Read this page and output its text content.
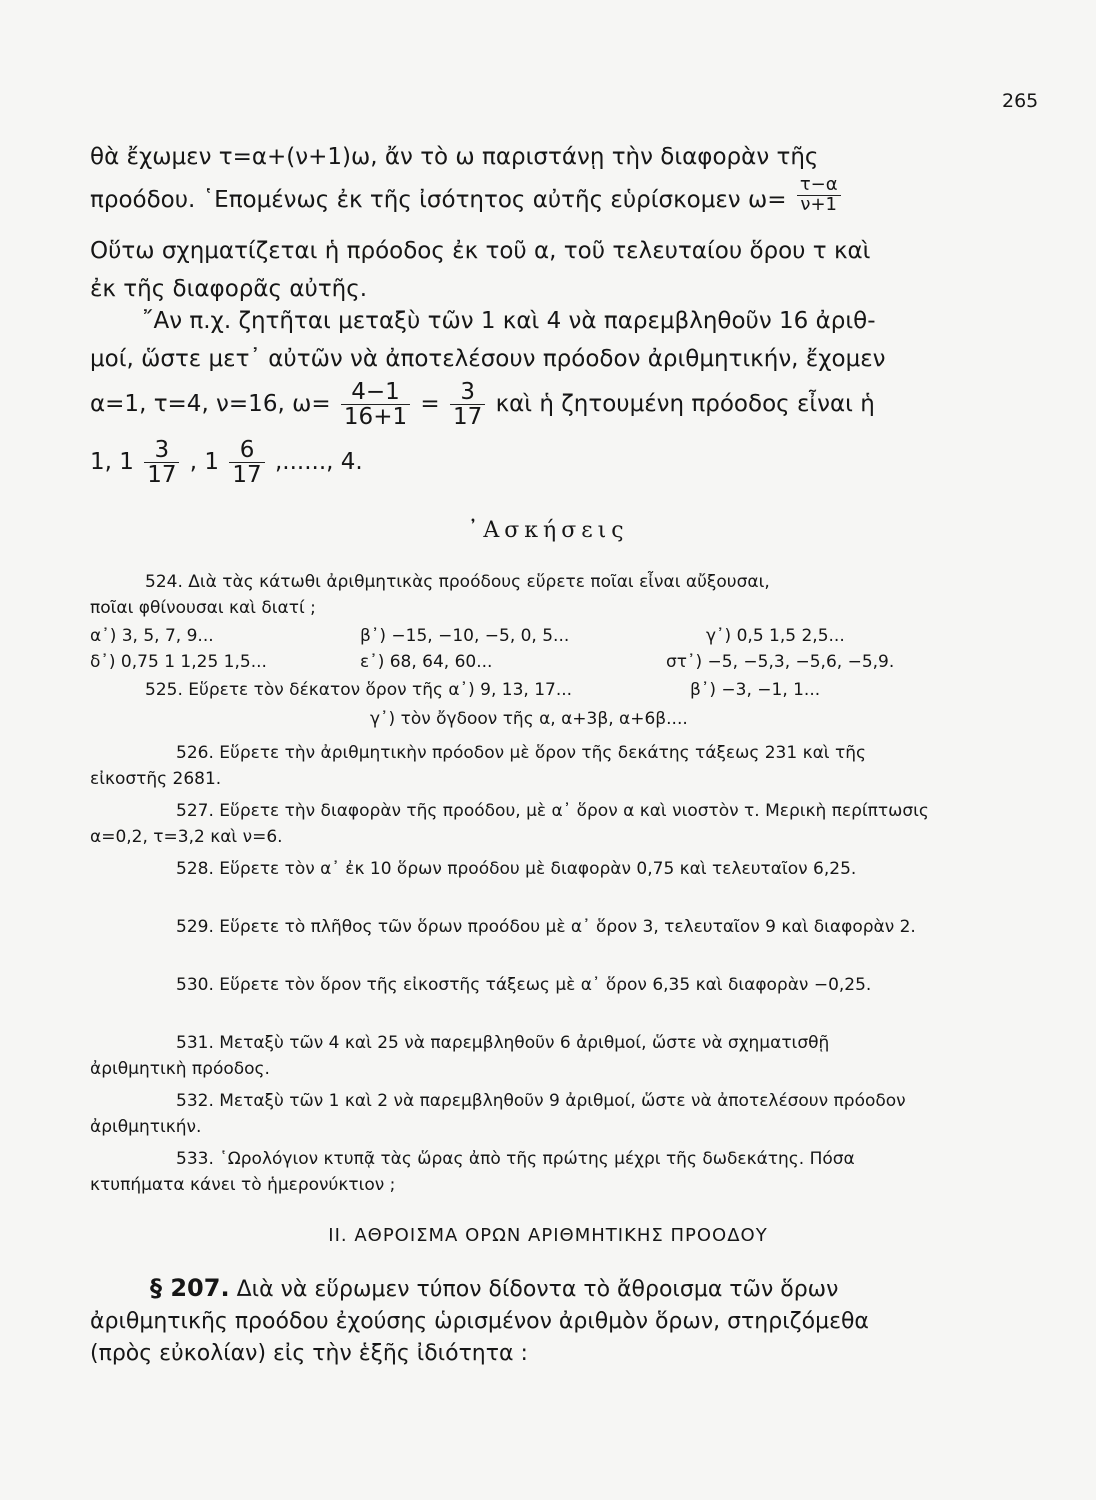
265
θὰ ἔχωμεν τ=α+(ν+1)ω, ἄν τὸ ω παριστάνῃ τὴν διαφορὰν τῆς
προόδου. ῾Επομένως ἐκ τῆς ἰσότητος αὐτῆς εὑρίσκομεν $\omega= \frac{\tau-\alpha}{\nu+1}$
Οὕτω σχηματίζεται ἡ πρόοδος ἐκ τοῦ α, τοῦ τελευταίου ὅρου τ καὶ
ἐκ τῆς διαφορᾶς αὐτῆς.
῎Αν π.χ. ζητῆται μεταξὺ τῶν 1 καὶ 4 νὰ παρεμβληθοῦν 16 ἀριθ-
μοί, ὥστε μετ᾽ αὐτῶν νὰ ἀποτελέσουν πρόοδον ἀριθμητικήν, ἔχομεν
α=1, τ=4, ν=16, $\omega= \frac{4-1}{16+1} = \frac{3}{17}$ καὶ ἡ ζητουμένη πρόοδος εἶναι ἡ
1, $1 \frac{3}{17}$ , $1 \frac{6}{17}$ ,......, 4.
᾽Ασκήσεις
524. Διὰ τὰς κάτωθι ἀριθμητικὰς προόδους εὕρετε ποῖαι εἶναι αὔξουσαι,
ποῖαι φθίνουσαι καὶ διατί ;
α᾽) 3, 5, 7, 9...	β᾽) −15, −10, −5, 0, 5...	γ᾽) 0,5 1,5 2,5...
δ᾽) 0,75 1 1,25 1,5...	ε᾽) 68, 64, 60...	στ᾽) −5, −5,3, −5,6, −5,9.
525. Εὕρετε τὸν δέκατον ὅρον τῆς α᾽) 9, 13, 17...	β᾽) −3, −1, 1...
γ᾽) τὸν ὄγδοον τῆς α, α+3β, α+6β....

526. Εὕρετε τὴν ἀριθμητικὴν πρόοδον μὲ ὅρον τῆς δεκάτης τάξεως 231 καὶ τῆς εἰκοστῆς 2681.

527. Εὕρετε τὴν διαφορὰν τῆς προόδου, μὲ α᾽ ὅρον α καὶ νιοστὸν τ. Μερικὴ περίπτωσις α=0,2, τ=3,2 καὶ ν=6.

528. Εὕρετε τὸν α᾽ ἐκ 10 ὅρων προόδου μὲ διαφορὰν 0,75 καὶ τελευταῖον 6,25.

529. Εὕρετε τὸ πλῆθος τῶν ὅρων προόδου μὲ α᾽ ὅρον 3, τελευταῖον 9 καὶ διαφορὰν 2.

530. Εὕρετε τὸν ὅρον τῆς εἰκοστῆς τάξεως μὲ α᾽ ὅρον 6,35 καὶ διαφορὰν −0,25.

531. Μεταξὺ τῶν 4 καὶ 25 νὰ παρεμβληθοῦν 6 ἀριθμοί, ὥστε νὰ σχηματισθῇ ἀριθμητικὴ πρόοδος.

532. Μεταξὺ τῶν 1 καὶ 2 νὰ παρεμβληθοῦν 9 ἀριθμοί, ὥστε νὰ ἀποτελέσουν πρόοδον ἀριθμητικήν.

533. ῾Ωρολόγιον κτυπᾷ τὰς ὥρας ἀπὸ τῆς πρώτης μέχρι τῆς δωδεκάτης. Πόσα κτυπήματα κάνει τὸ ἡμερονύκτιον ;

II. ΑΘΡΟΙΣΜΑ ΟΡΩΝ ΑΡΙΘΜΗΤΙΚΗΣ ΠΡΟΟΔΟΥ

§ 207. Διὰ νὰ εὕρωμεν τύπον δίδοντα τὸ ἄθροισμα τῶν ὅρων ἀριθμητικῆς προόδου ἐχούσης ὡρισμένον ἀριθμὸν ὅρων, στηριζόμεθα (πρὸς εὐκολίαν) εἰς τὴν ἑξῆς ἰδιότητα :
